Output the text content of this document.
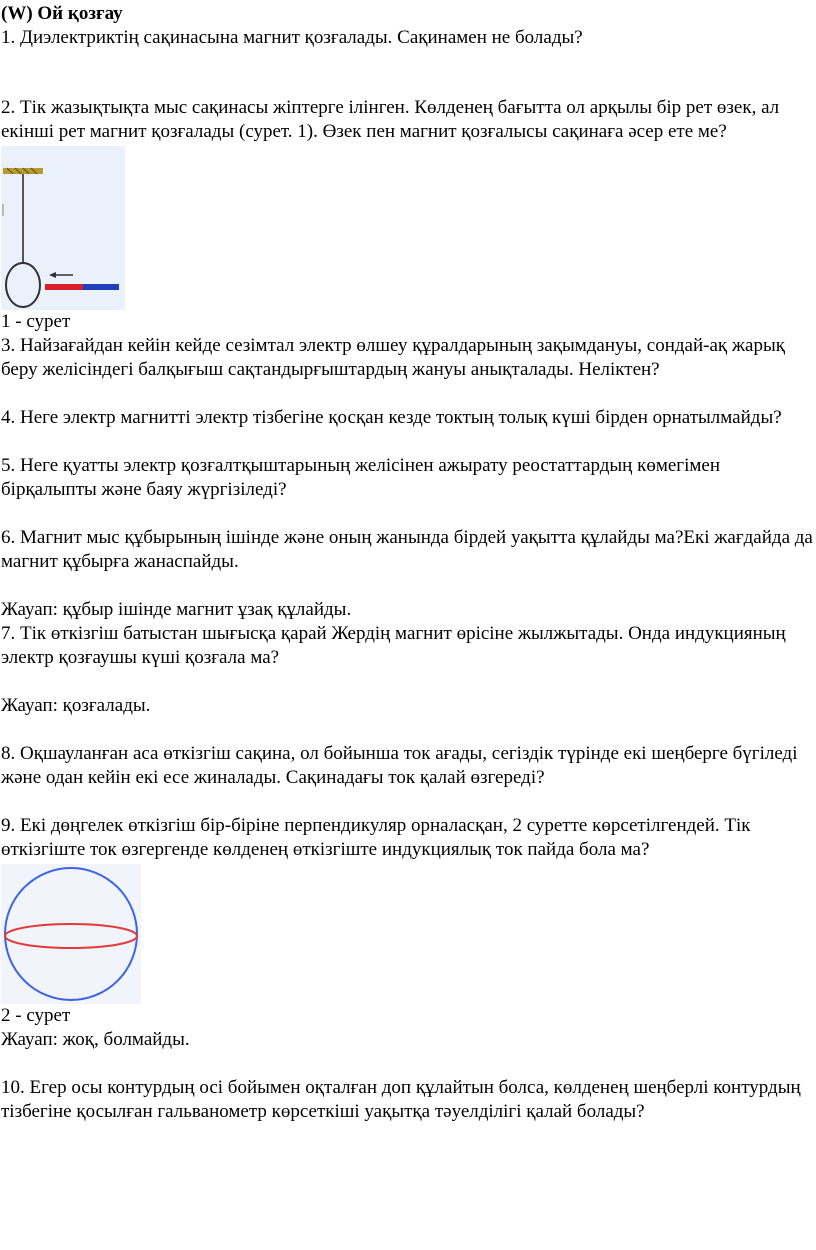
(W) Ой қозғау

1. Диэлектриктің сақинасына магнит қозғалады. Сақинамен не болады?

2. Тік жазықтықта мыс сақинасы жіптерге ілінген. Көлденең бағытта ол арқылы бір рет өзек, ал екінші рет магнит қозғалады (сурет. 1). Өзек пен магнит қозғалысы сақинаға әсер ете ме?

1 - сурет

3. Найзағайдан кейін кейде сезімтал электр өлшеу құралдарының зақымдануы, сондай-ақ жарық беру желісіндегі балқығыш сақтандырғыштардың жануы анықталады. Неліктен?

4. Неге электр магнитті электр тізбегіне қосқан кезде токтың толық күші бірден орнатылмайды?

5. Неге қуатты электр қозғалтқыштарының желісінен ажырату реостаттардың көмегімен бірқалыпты және баяу жүргізіледі?

6. Магнит мыс құбырының ішінде және оның жанында бірдей уақытта құлайды ма?Екі жағдайда да магнит құбырға жанаспайды.

Жауап: құбыр ішінде магнит ұзақ құлайды.

7. Тік өткізгіш батыстан шығысқа қарай Жердің магнит өрісіне жылжытады. Онда индукцияның электр қозғаушы күші қозғала ма?

Жауап: қозғалады.

8. Оқшауланған аса өткізгіш сақина, ол бойынша ток ағады, сегіздік түрінде екі шеңберге бүгіледі және одан кейін екі есе жиналады. Сақинадағы ток қалай өзгереді?

9. Екі дөңгелек өткізгіш бір-біріне перпендикуляр орналасқан, 2 суретте көрсетілгендей. Тік өткізгіште ток өзгергенде көлденең өткізгіште индукциялық ток пайда бола ма?

2 - сурет

Жауап: жоқ, болмайды.

10. Егер осы контурдың осі бойымен оқталған доп құлайтын болса, көлденең шеңберлі контурдың тізбегіне қосылған гальванометр көрсеткіші уақытқа тәуелділігі қалай болады?
